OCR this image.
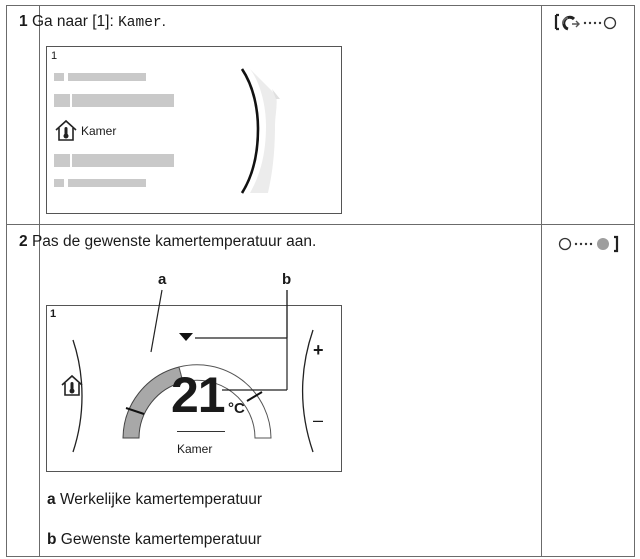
1 Ga naar [1]: Kamer.
1
Kamer
2 Pas de gewenste kamertemperatuur aan.
a	b
1
+
–
21 °C
Kamer
a Werkelijke kamertemperatuur
b Gewenste kamertemperatuur
